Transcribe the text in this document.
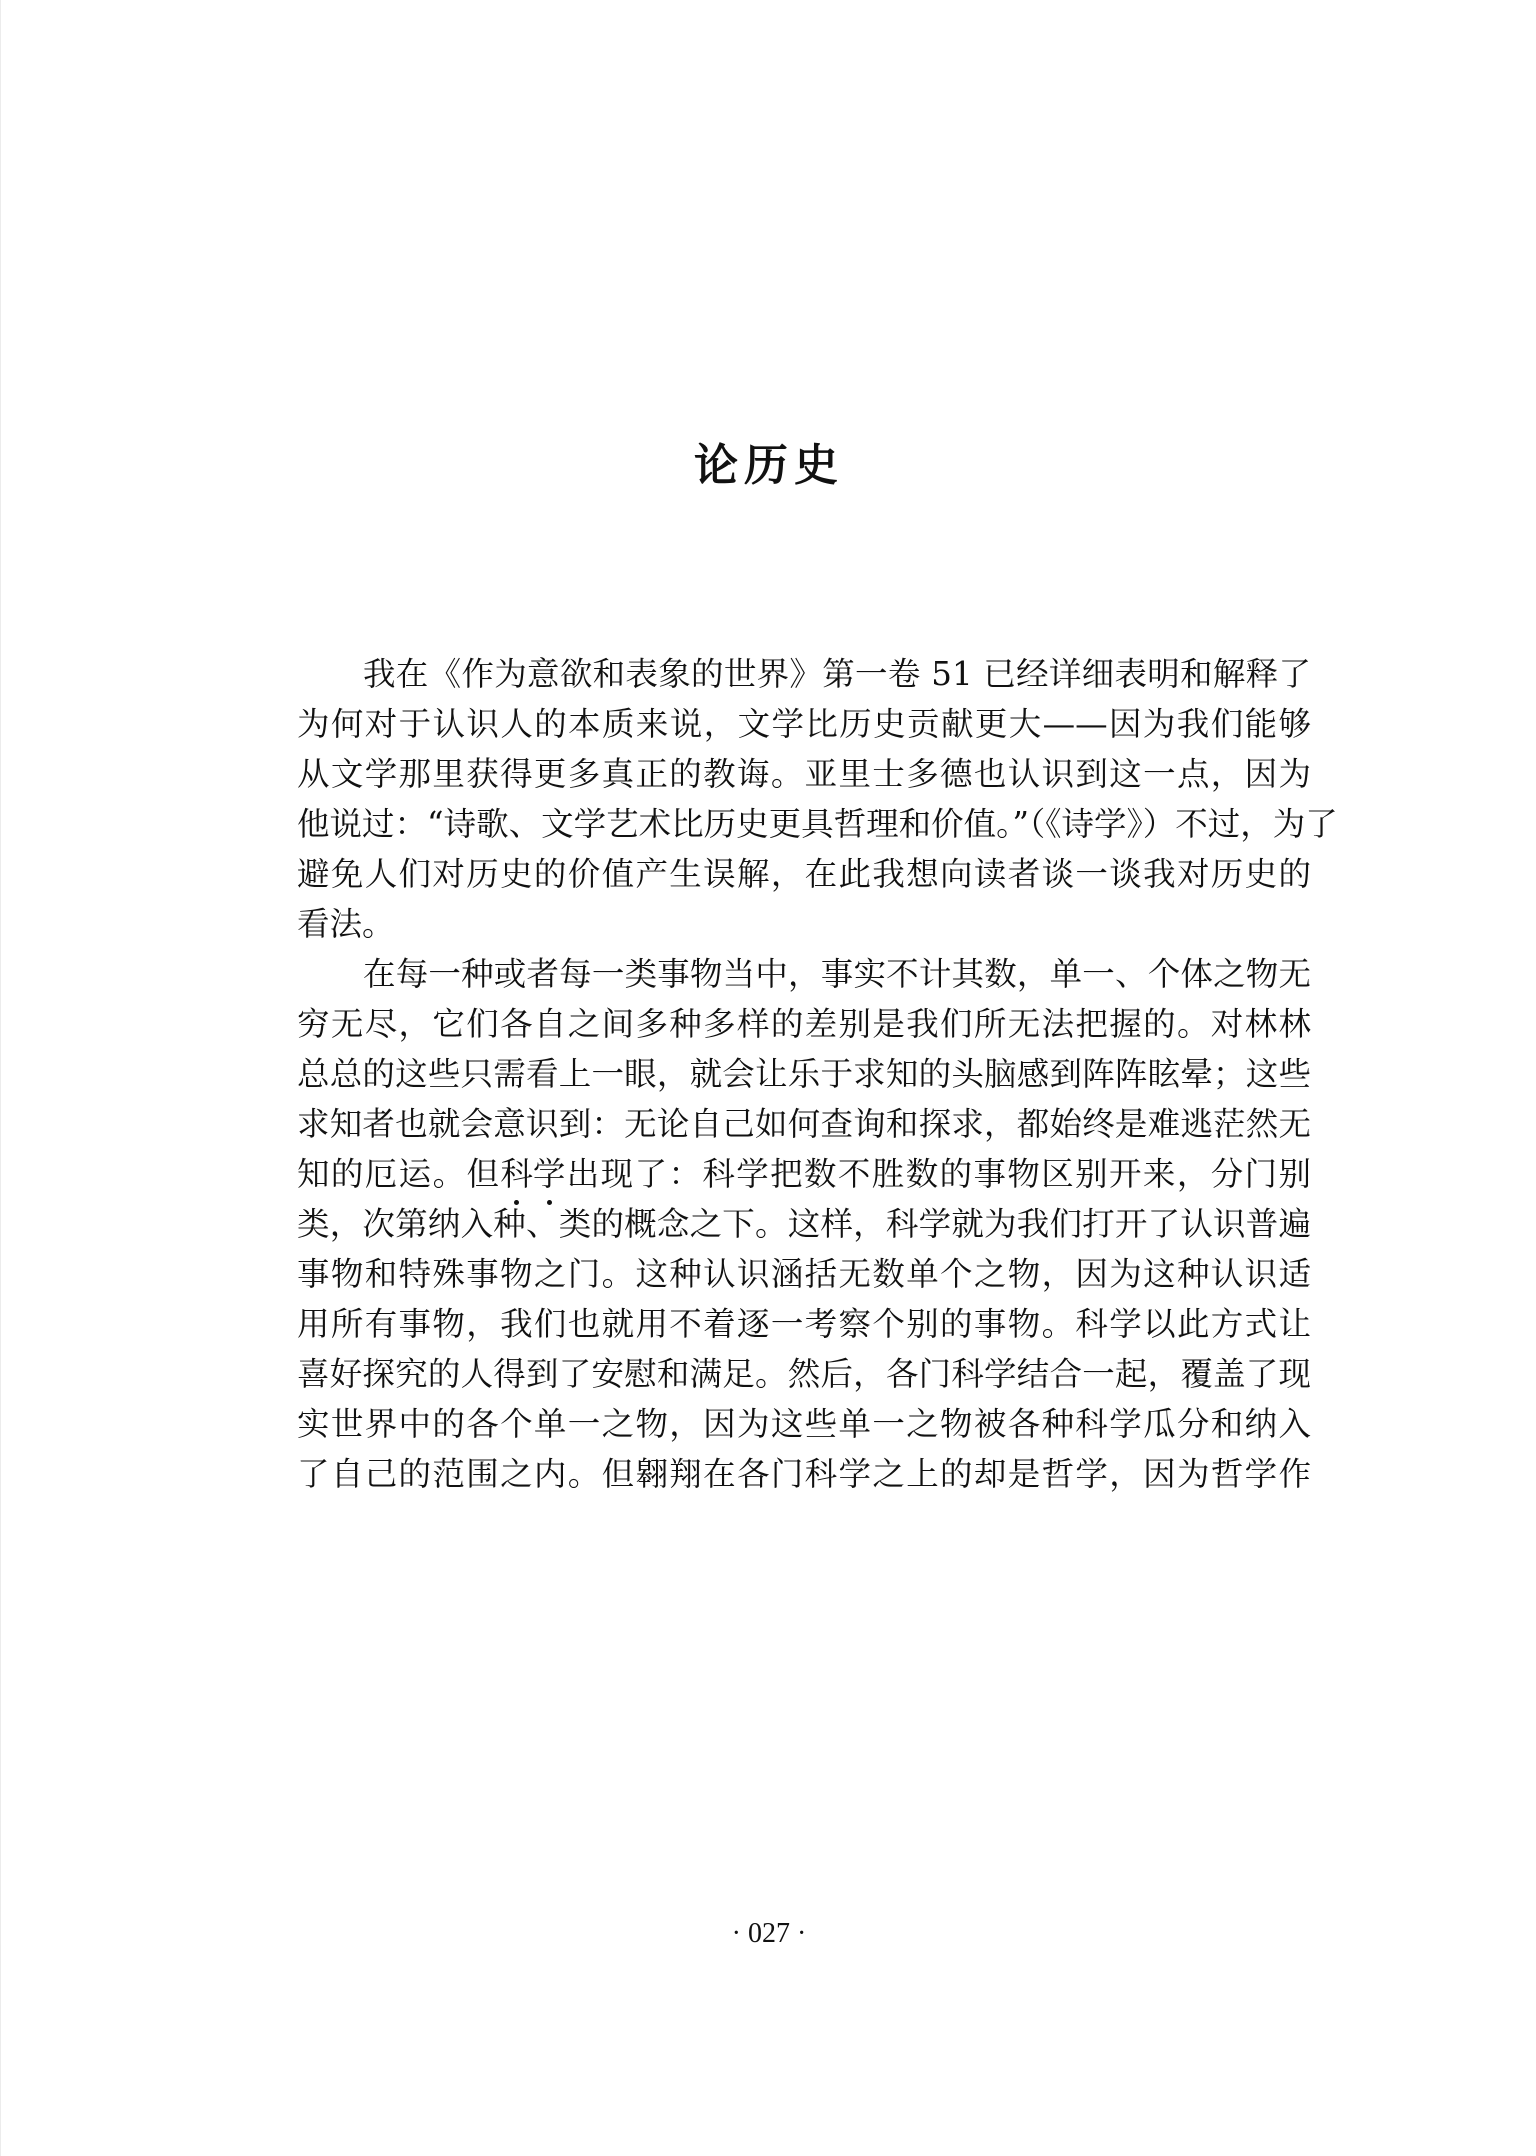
论历史
我在《作为意欲和表象的世界》第一卷 51 已经详细表明和解释了
为何对于认识人的本质来说，文学比历史贡献更大——因为我们能够
从文学那里获得更多真正的教诲。亚里士多德也认识到这一点，因为
他说过：“诗歌、文学艺术比历史更具哲理和价值。”（《诗学》）不过，为了
避免人们对历史的价值产生误解，在此我想向读者谈一谈我对历史的
看法。
在每一种或者每一类事物当中，事实不计其数，单一、个体之物无
穷无尽，它们各自之间多种多样的差别是我们所无法把握的。对林林
总总的这些只需看上一眼，就会让乐于求知的头脑感到阵阵眩晕；这些
求知者也就会意识到：无论自己如何查询和探求，都始终是难逃茫然无
知的厄运。但科
学
出现了：科学把数不胜数的事物区别开来，分门别
类，次第纳入种、类的概念之下。这样，科学就为我们打开了认识普遍
事物和特殊事物之门。这种认识涵括无数单个之物，因为这种认识适
用所有事物，我们也就用不着逐一考察个别的事物。科学以此方式让
喜好探究的人得到了安慰和满足。然后，各门科学结合一起，覆盖了现
实世界中的各个单一之物，因为这些单一之物被各种科学瓜分和纳入
了自己的范围之内。但翱翔在各门科学之上的却是哲学，因为哲学作
· 027 ·
